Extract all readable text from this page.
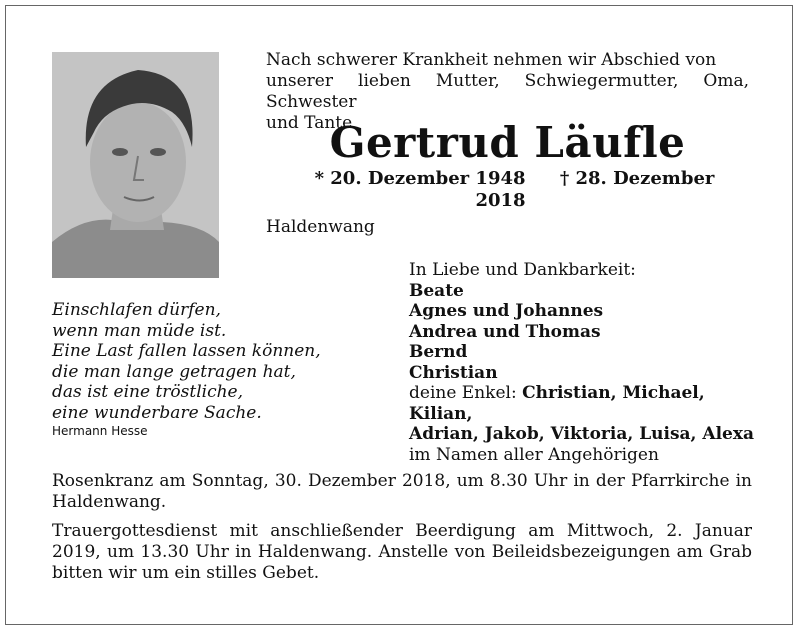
Nach schwerer Krankheit nehmen wir Abschied von
unserer lieben Mutter, Schwiegermutter, Oma, Schwester
und Tante
Gertrud Läufle
* 20. Dezember 1948 † 28. Dezember 2018
Haldenwang
Einschlafen dürfen,
wenn man müde ist.
Eine Last fallen lassen können,
die man lange getragen hat,
das ist eine tröstliche,
eine wunderbare Sache.
Hermann Hesse
In Liebe und Dankbarkeit:
Beate
Agnes und Johannes
Andrea und Thomas
Bernd
Christian
deine Enkel: Christian, Michael, Kilian,
Adrian, Jakob, Viktoria, Luisa, Alexa
im Namen aller Angehörigen
Rosenkranz am Sonntag, 30. Dezember 2018, um 8.30 Uhr in der Pfarrkirche in Haldenwang.
Trauergottesdienst mit anschließender Beerdigung am Mittwoch, 2. Januar 2019, um 13.30 Uhr in Haldenwang. Anstelle von Beileidsbezeigungen am Grab bitten wir um ein stilles Gebet.
